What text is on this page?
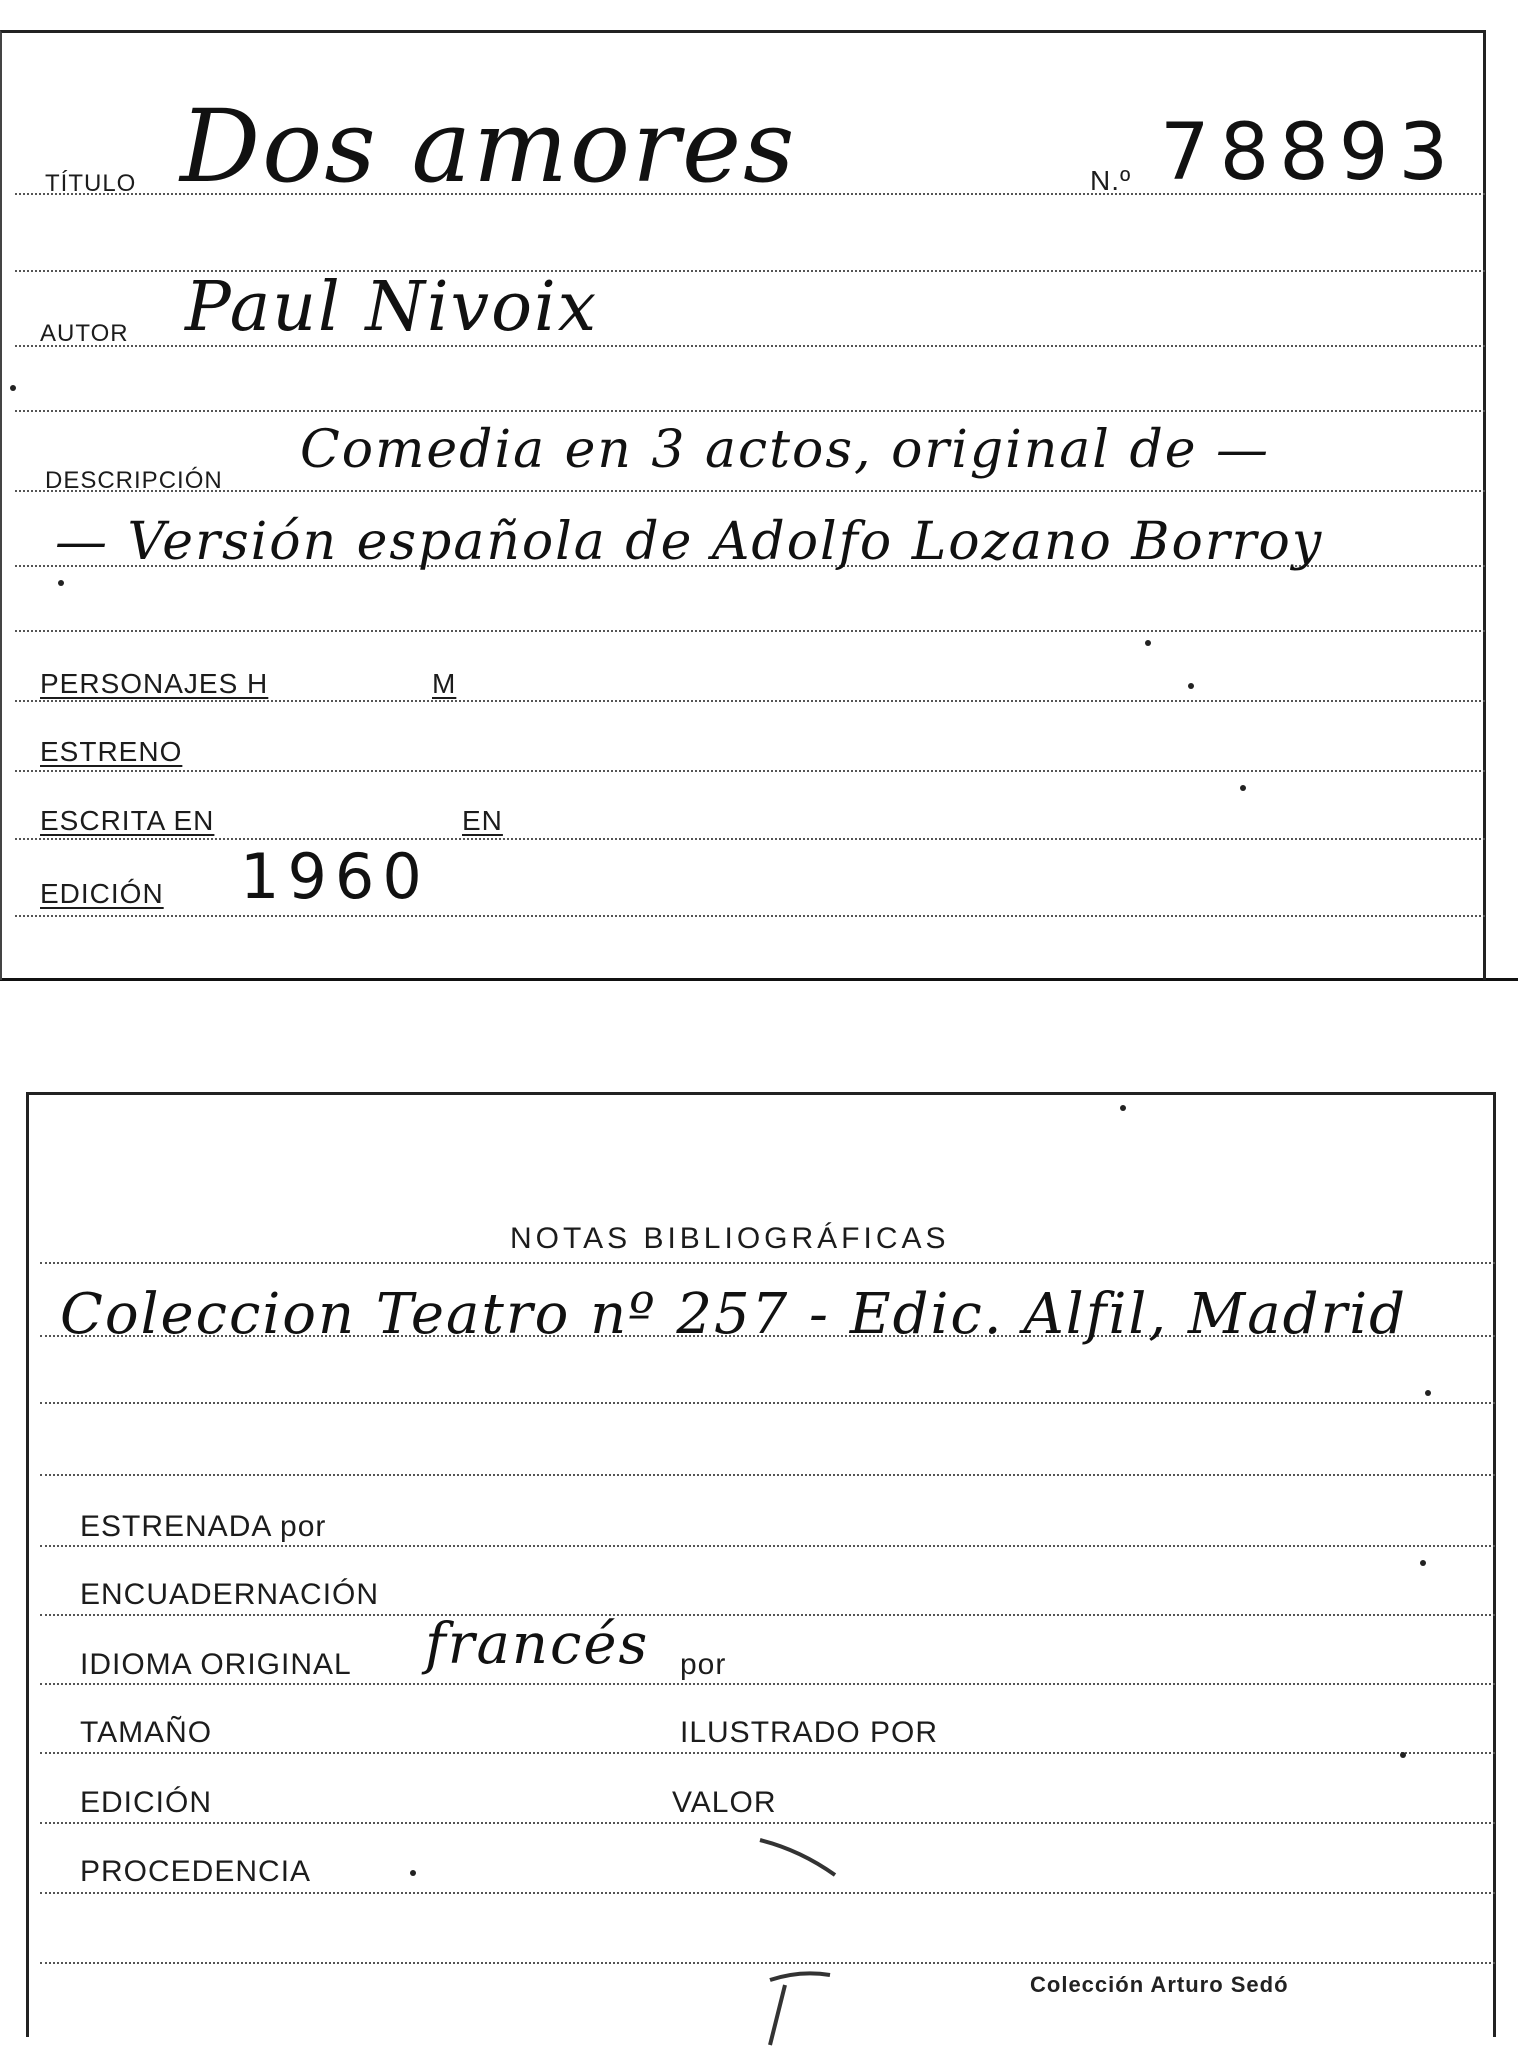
TÍTULO Dos amores	N.º 78893
AUTOR Paul Nivoix
DESCRIPCIÓN
Comedia en 3 actos, original de —
— Versión española de Adolfo Lozano Borroy
PERSONAJES H	M
ESTRENO
ESCRITA EN	EN
EDICIÓN 1960
NOTAS BIBLIOGRÁFICAS
Coleccion Teatro nº 257 - Edic. Alfil, Madrid
ESTRENADA por
ENCUADERNACIÓN
IDIOMA ORIGINAL francés por
TAMAÑO	ILUSTRADO POR
EDICIÓN	VALOR
PROCEDENCIA
Colección Arturo Sedó
